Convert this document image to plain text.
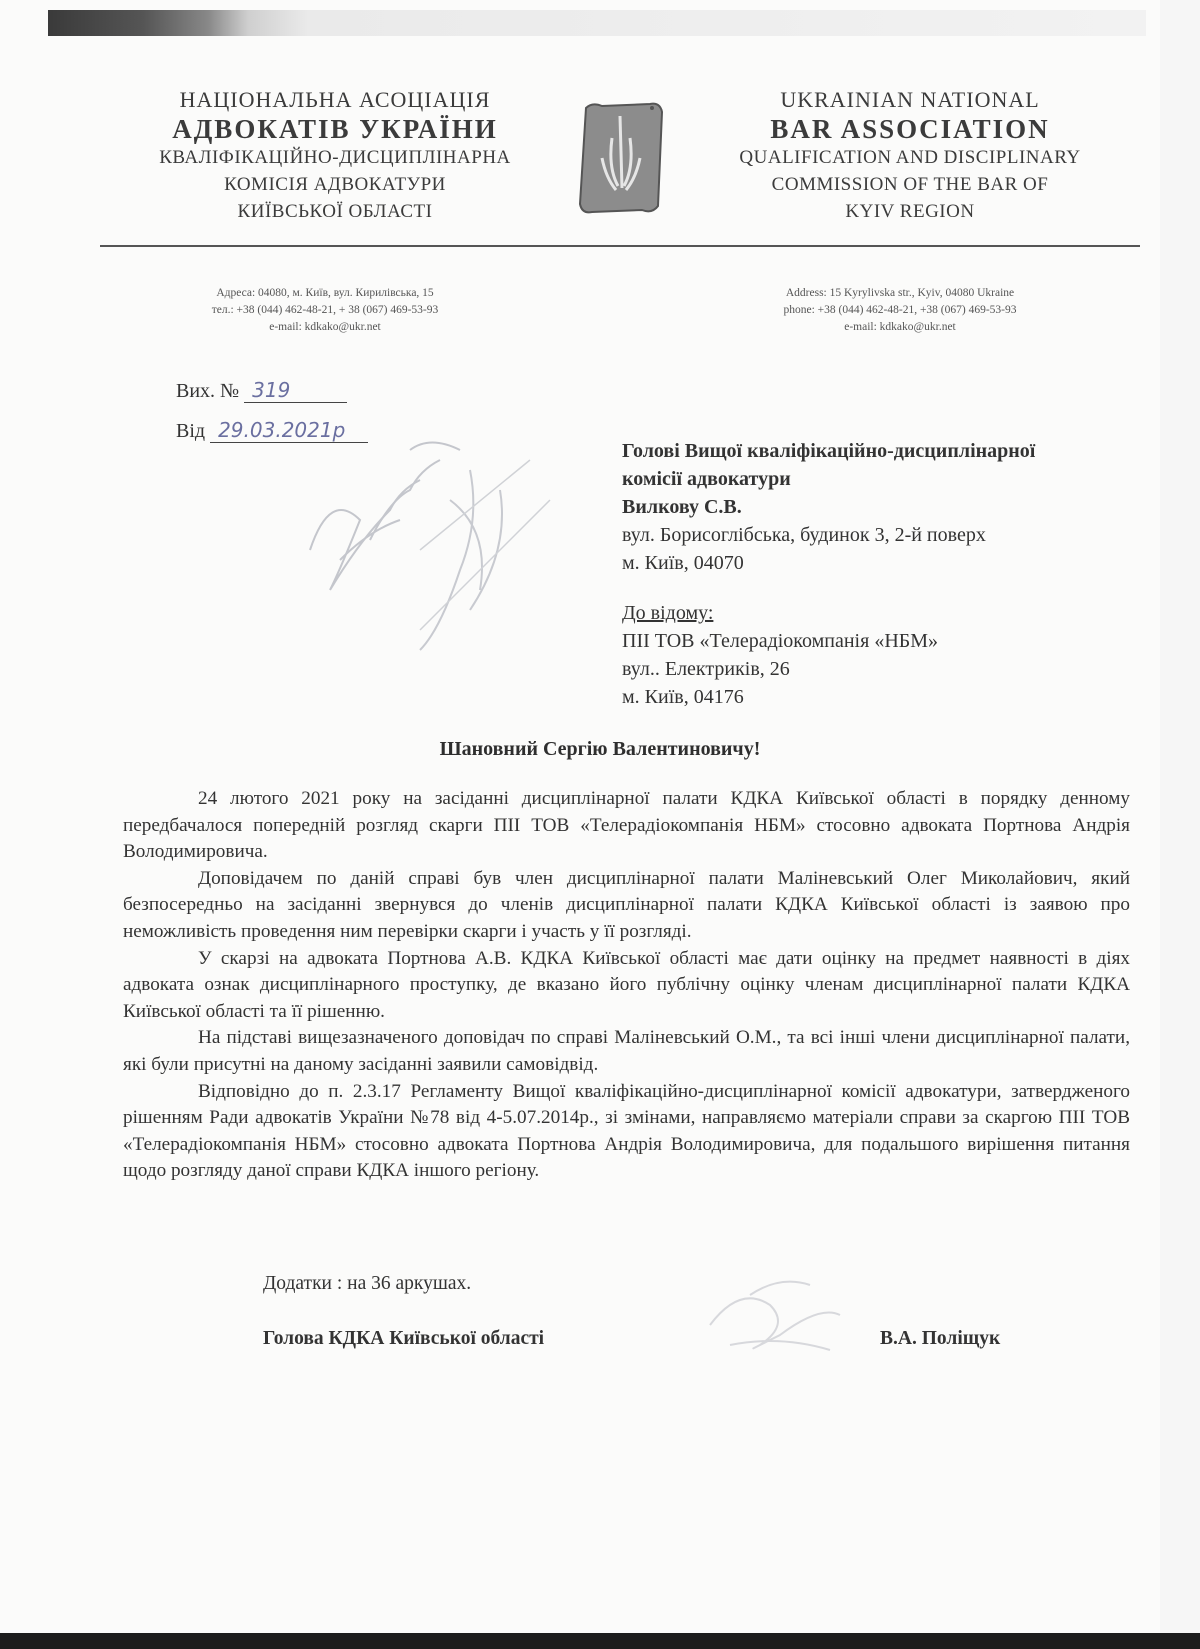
НАЦІОНАЛЬНА АСОЦІАЦІЯ
АДВОКАТІВ УКРАЇНИ
КВАЛІФІКАЦІЙНО-ДИСЦИПЛІНАРНА
КОМІСІЯ АДВОКАТУРИ
КИЇВСЬКОЇ ОБЛАСТІ
UKRAINIAN NATIONAL
BAR ASSOCIATION
QUALIFICATION AND DISCIPLINARY
COMMISSION OF THE BAR OF
KYIV REGION
Адреса: 04080, м. Київ, вул. Кирилівська, 15
тел.: +38 (044) 462-48-21, + 38 (067) 469-53-93
e-mail: kdkako@ukr.net
Address: 15 Kyrylivska str., Kyiv, 04080 Ukraine
phone: +38 (044) 462-48-21, +38 (067) 469-53-93
e-mail: kdkako@ukr.net
Вих. № 319
Від 29.03.2021р
Голові Вищої кваліфікаційно-дисциплінарної
комісії адвокатури
Вилкову С.В.
вул. Борисоглібська, будинок 3, 2-й поверх
м. Київ, 04070
До відому:
ПІІ ТОВ «Телерадіокомпанія «НБМ»
вул.. Електриків, 26
м. Київ, 04176
Шановний Сергію Валентиновичу!

24 лютого 2021 року на засіданні дисциплінарної палати КДКА Київської області в порядку денному передбачалося попередній розгляд скарги ПІІ ТОВ «Телерадіокомпанія НБМ» стосовно адвоката Портнова Андрія Володимировича.

Доповідачем по даній справі був член дисциплінарної палати Маліневський Олег Миколайович, який безпосередньо на засіданні звернувся до членів дисциплінарної палати КДКА Київської області із заявою про неможливість проведення ним перевірки скарги і участь у її розгляді.

У скарзі на адвоката Портнова А.В. КДКА Київської області має дати оцінку на предмет наявності в діях адвоката ознак дисциплінарного проступку, де вказано його публічну оцінку членам дисциплінарної палати КДКА Київської області та її рішенню.

На підставі вищезазначеного доповідач по справі Маліневський О.М., та всі інші члени дисциплінарної палати, які були присутні на даному засіданні заявили самовідвід.

Відповідно до п. 2.3.17 Регламенту Вищої кваліфікаційно-дисциплінарної комісії адвокатури, затвердженого рішенням Ради адвокатів України №78 від 4-5.07.2014р., зі змінами, направляємо матеріали справи за скаргою ПІІ ТОВ «Телерадіокомпанія НБМ» стосовно адвоката Портнова Андрія Володимировича, для подальшого вирішення питання щодо розгляду даної справи КДКА іншого регіону.

Додатки : на 36 аркушах.
Голова КДКА Київської області	В.А. Поліщук
